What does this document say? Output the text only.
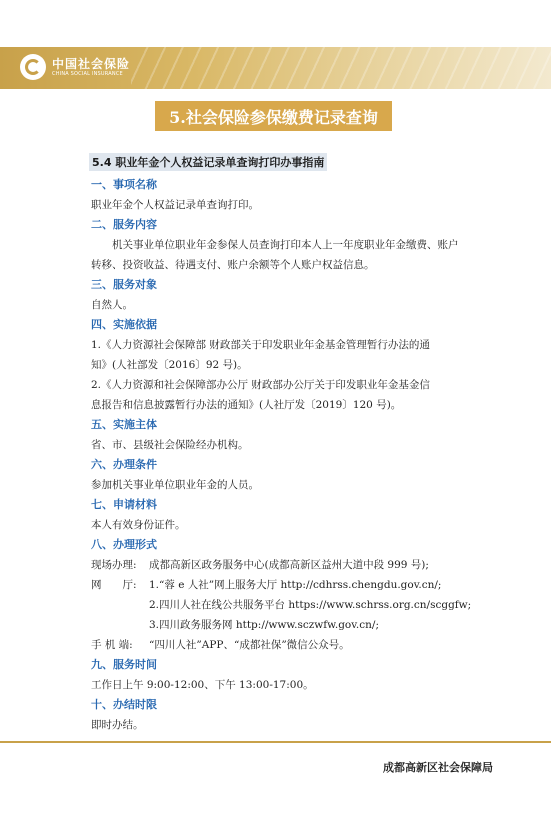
中国社会保险
CHINA SOCIAL INSURANCE
5.社会保险参保缴费记录查询
5.4 职业年金个人权益记录单查询打印办事指南
一、事项名称
职业年金个人权益记录单查询打印。
二、服务内容
机关事业单位职业年金参保人员查询打印本人上一年度职业年金缴费、账户
转移、投资收益、待遇支付、账户余额等个人账户权益信息。
三、服务对象
自然人。
四、实施依据
1.《人力资源社会保障部 财政部关于印发职业年金基金管理暂行办法的通
知》(人社部发〔2016〕92 号)。
2.《人力资源和社会保障部办公厅 财政部办公厅关于印发职业年金基金信
息报告和信息披露暂行办法的通知》(人社厅发〔2019〕120 号)。
五、实施主体
省、市、县级社会保险经办机构。
六、办理条件
参加机关事业单位职业年金的人员。
七、申请材料
本人有效身份证件。
八、办理形式
现场办理:	成都高新区政务服务中心(成都高新区益州大道中段 999 号);
网　　厅:	1.“蓉 e 人社”网上服务大厅 http://cdhrss.chengdu.gov.cn/;
2.四川人社在线公共服务平台 https://www.schrss.org.cn/scggfw;
3.四川政务服务网 http://www.sczwfw.gov.cn/;
手 机 端:	“四川人社”APP、“成都社保”微信公众号。
九、服务时间
工作日上午 9:00-12:00、下午 13:00-17:00。
十、办结时限
即时办结。
成都高新区社会保障局
